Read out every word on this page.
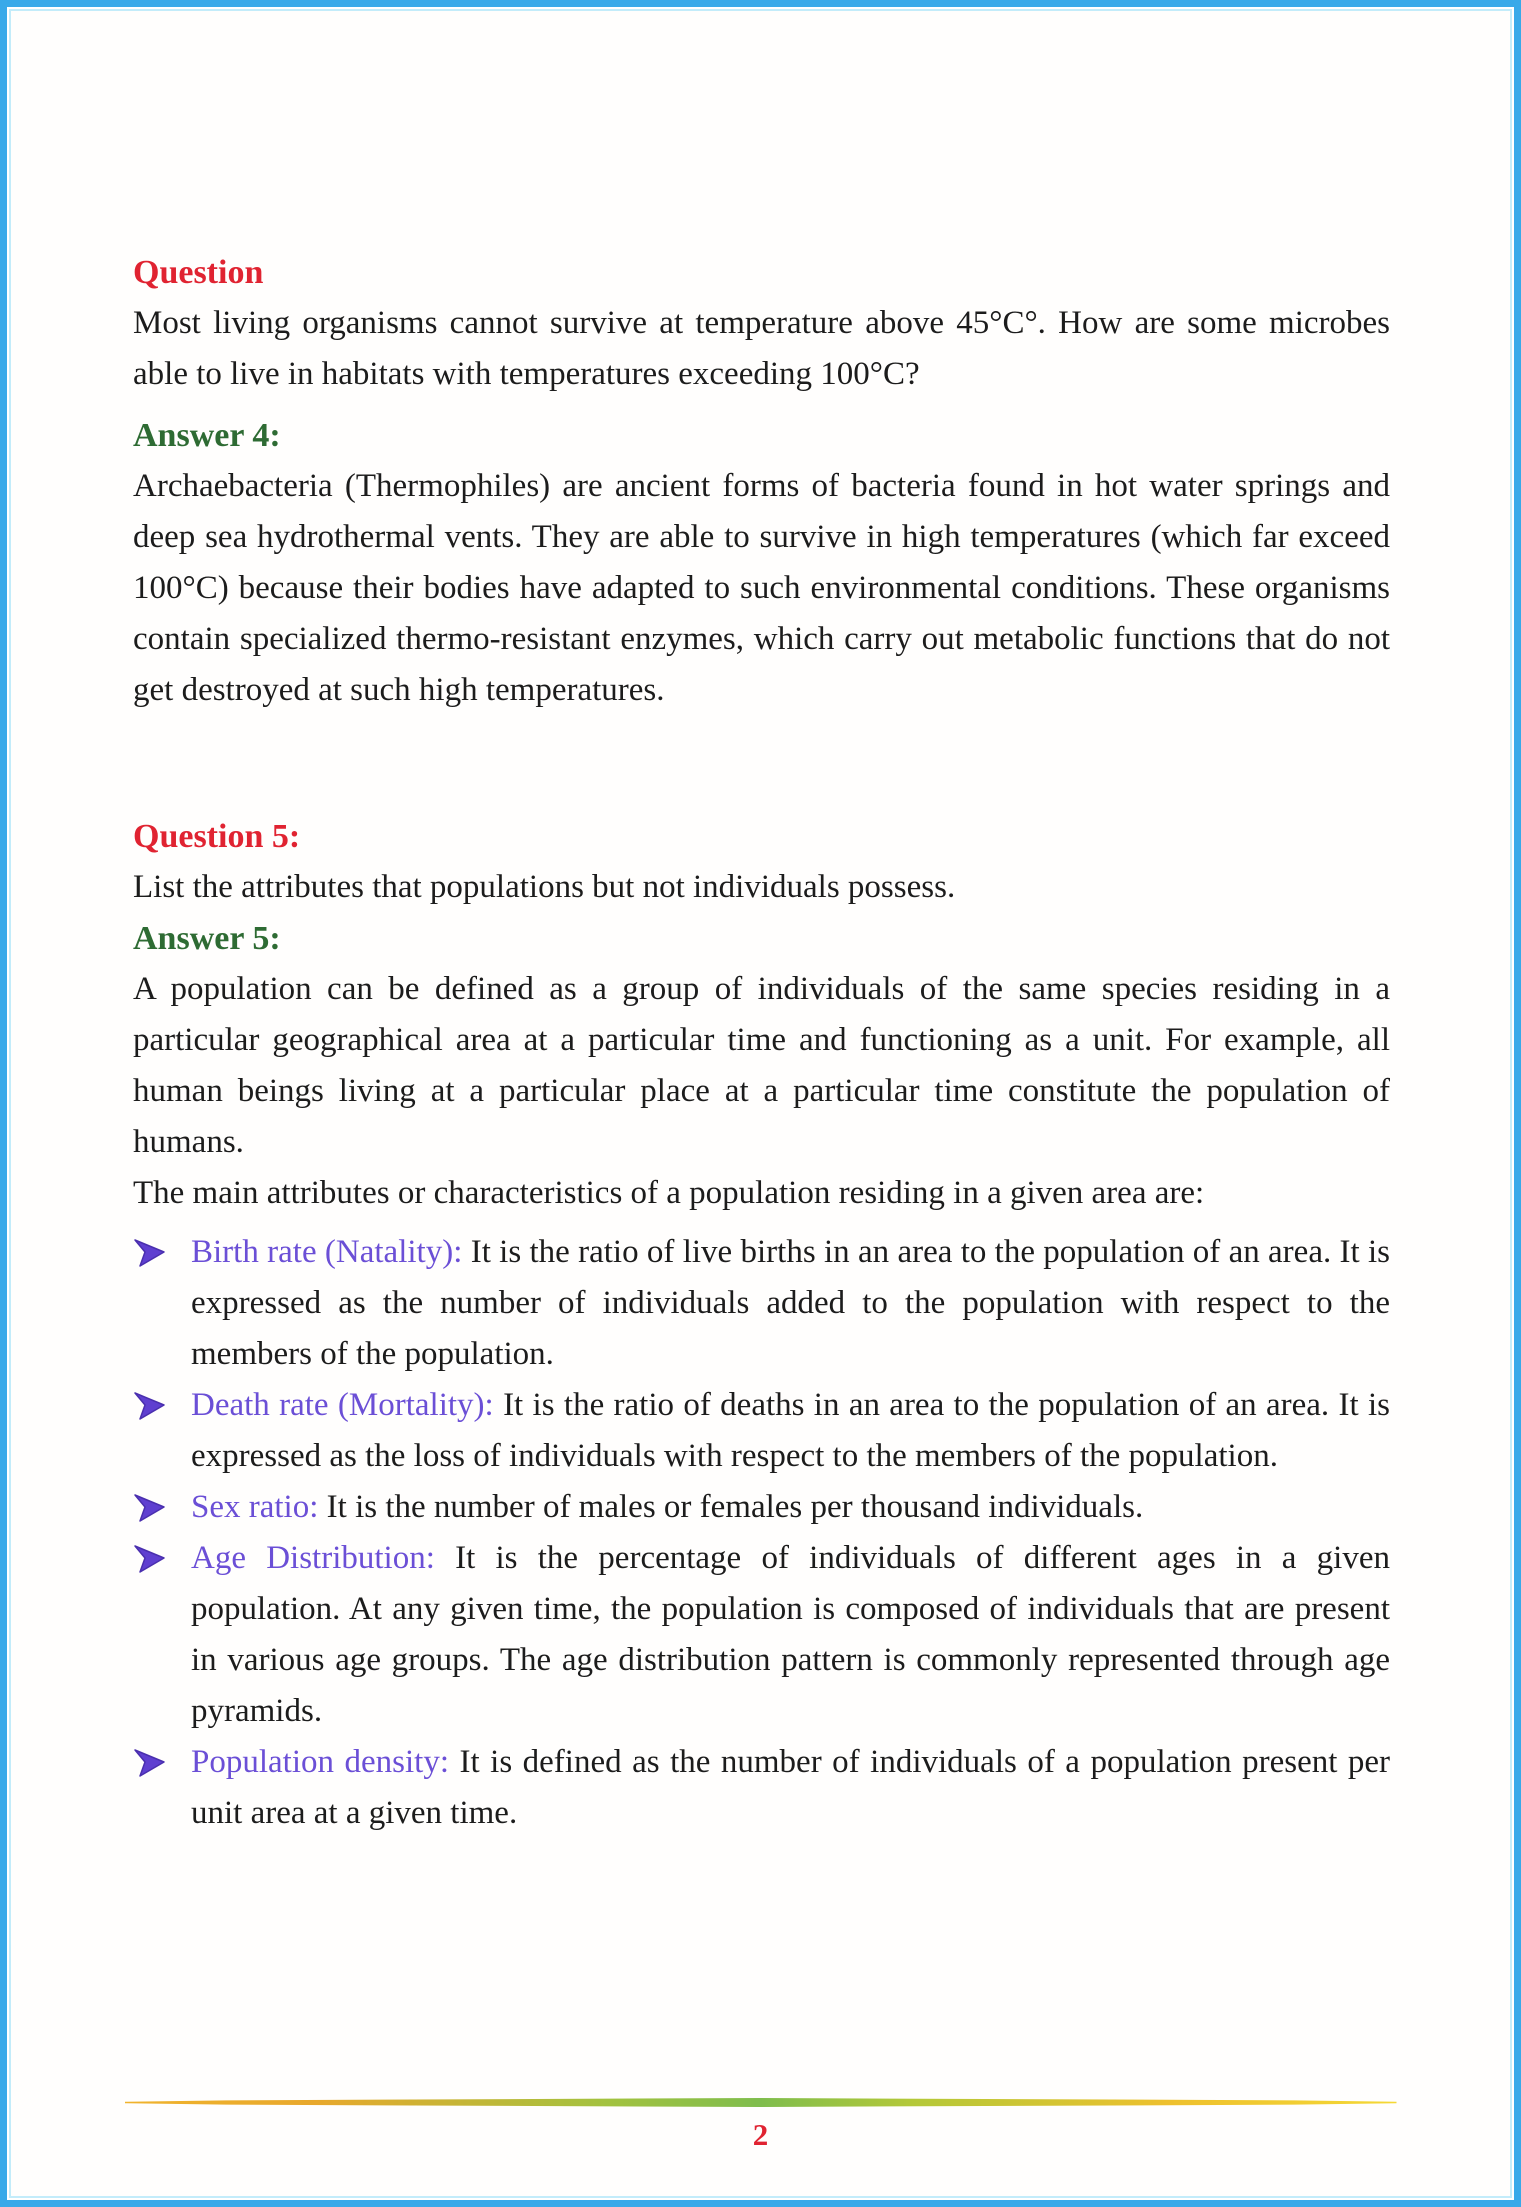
Question

Most living organisms cannot survive at temperature above 45°C°. How are some microbes able to live in habitats with temperatures exceeding 100°C?

Answer 4:

Archaebacteria (Thermophiles) are ancient forms of bacteria found in hot water springs and deep sea hydrothermal vents. They are able to survive in high temperatures (which far exceed 100°C) because their bodies have adapted to such environmental conditions. These organisms contain specialized thermo-resistant enzymes, which carry out metabolic functions that do not get destroyed at such high temperatures.

Question 5:

List the attributes that populations but not individuals possess.

Answer 5:

A population can be defined as a group of individuals of the same species residing in a particular geographical area at a particular time and functioning as a unit. For example, all human beings living at a particular place at a particular time constitute the population of humans.

The main attributes or characteristics of a population residing in a given area are:

Birth rate (Natality): It is the ratio of live births in an area to the population of an area. It is expressed as the number of individuals added to the population with respect to the members of the population.
Death rate (Mortality): It is the ratio of deaths in an area to the population of an area. It is expressed as the loss of individuals with respect to the members of the population.
Sex ratio: It is the number of males or females per thousand individuals.
Age Distribution: It is the percentage of individuals of different ages in a given population. At any given time, the population is composed of individuals that are present in various age groups. The age distribution pattern is commonly represented through age pyramids.
Population density: It is defined as the number of individuals of a population present per unit area at a given time.
2
